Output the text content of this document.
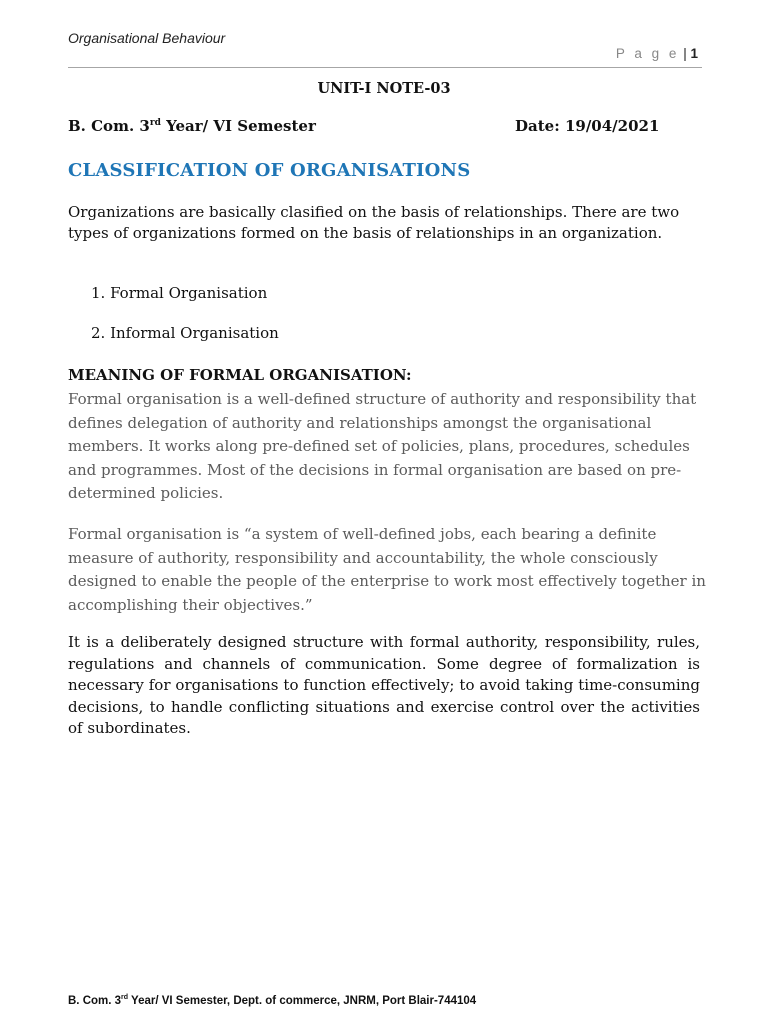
Organisational Behaviour
P a g e | 1
UNIT-I NOTE-03
B. Com. 3rd Year/ VI Semester	Date: 19/04/2021
CLASSIFICATION OF ORGANISATIONS

Organizations are basically clasified on the basis of relationships. There are two types of organizations formed on the basis of relationships in an organization.

1. Formal Organisation
2. Informal Organisation
MEANING OF FORMAL ORGANISATION:

Formal organisation is a well-defined structure of authority and responsibility that defines delegation of authority and relationships amongst the organisational members. It works along pre-defined set of policies, plans, procedures, schedules and programmes. Most of the decisions in formal organisation are based on pre-determined policies.

Formal organisation is “a system of well-defined jobs, each bearing a definite measure of authority, responsibility and accountability, the whole consciously designed to enable the people of the enterprise to work most effectively together in accomplishing their objectives.”

It is a deliberately designed structure with formal authority, responsibility, rules, regulations and channels of communication. Some degree of formalization is necessary for organisations to function effectively; to avoid taking time-consuming decisions, to handle conflicting situations and exercise control over the activities of subordinates.

B. Com. 3rd Year/ VI Semester, Dept. of commerce, JNRM, Port Blair-744104
